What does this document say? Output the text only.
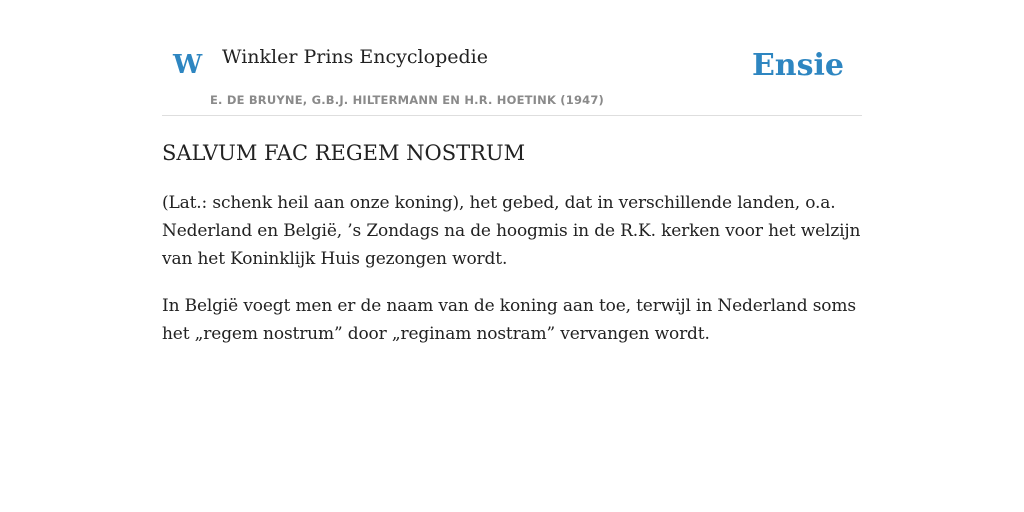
W Winkler Prins Encyclopedie
E. DE BRUYNE, G.B.J. HILTERMANN EN H.R. HOETINK (1947)
Ensie
SALVUM FAC REGEM NOSTRUM

(Lat.: schenk heil aan onze koning), het gebed, dat in verschillende landen, o.a. Nederland en België, ’s Zondags na de hoogmis in de R.K. kerken voor het welzijn van het Koninklijk Huis gezongen wordt.

In België voegt men er de naam van de koning aan toe, terwijl in Nederland soms het „regem nostrum” door „reginam nostram” vervangen wordt.
